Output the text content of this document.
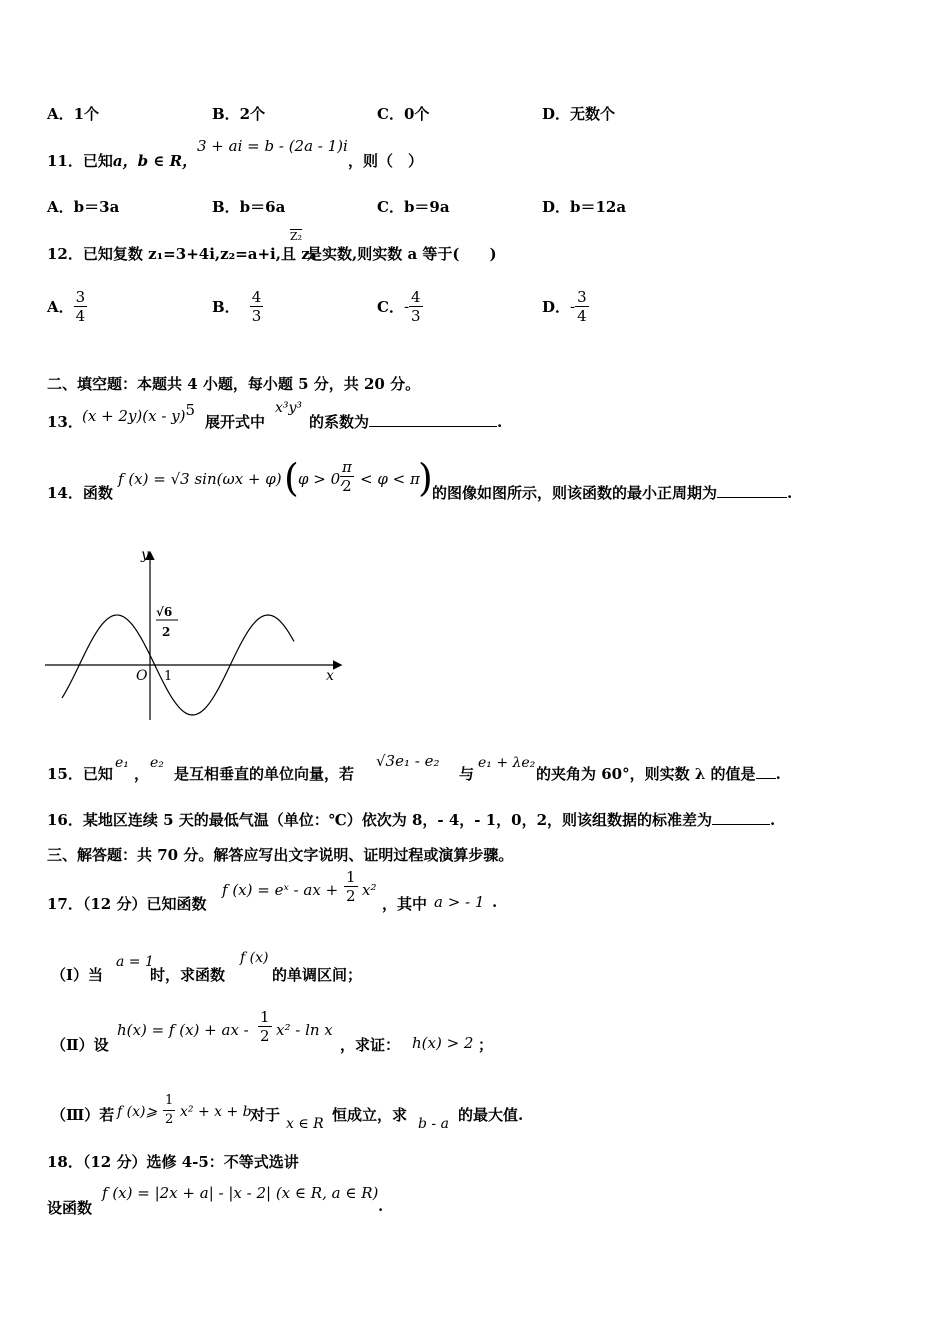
A．1个	B．2个	C．0个	D．无数个
11．已知a，b ∈ R，
3 + ai = b - (2a - 1)i
，则（　）
A．b＝3a	B．b＝6a	C．b＝9a	D．b＝12a
12．已知复数 z₁=3+4i,z₂=a+i,且 z₁
Z₂
是实数,则实数 a 等于(　　)
A． $\frac{3}{4}$	B． $\frac{4}{3}$	C．- $\frac{4}{3}$	D．- $\frac{3}{4}$
二、填空题：本题共 4 小题，每小题 5 分，共 20 分。
13． (x + 2y)(x - y)$^5$
展开式中
x³y³
的系数为	.
14．函数
f (x) = √3 sin(ωx + φ) ( φ > 0,
$\frac{\pi}{2} < \varphi < \pi$
) 的图像如图所示，则该函数的最小正周期为	.
y
x
O 1
√6
2
15．已知
e₁
，
e₂
是互相垂直的单位向量，若
√3e₁ - e₂
与
e₁ + λe₂
的夹角为 60°，则实数 λ 的值是 .
16．某地区连续 5 天的最低气温（单位：℃）依次为 8，- 4，- 1，0，2，则该组数据的标准差为	.
三、解答题：共 70 分。解答应写出文字说明、证明过程或演算步骤。
17．（12 分）已知函数
f (x) = eˣ - ax + $\frac{1}{2} x^2$
，其中 a > - 1 .
（Ⅰ）当
a = 1
时，求函数
f (x)
的单调区间；
（Ⅱ）设
h(x) = f (x) + ax - $\frac{1}{2} x^2$ - ln x
，求证： h(x) > 2 ；
（Ⅲ）若 f (x)⩾ $\frac{1}{2} x^2 + x + b$
对于 x ∈ R 恒成立，求 b - a 的最大值.
18．（12 分）选修 4-5：不等式选讲
设函数
f (x) = |2x + a| - |x - 2| (x ∈ R, a ∈ R)
.
